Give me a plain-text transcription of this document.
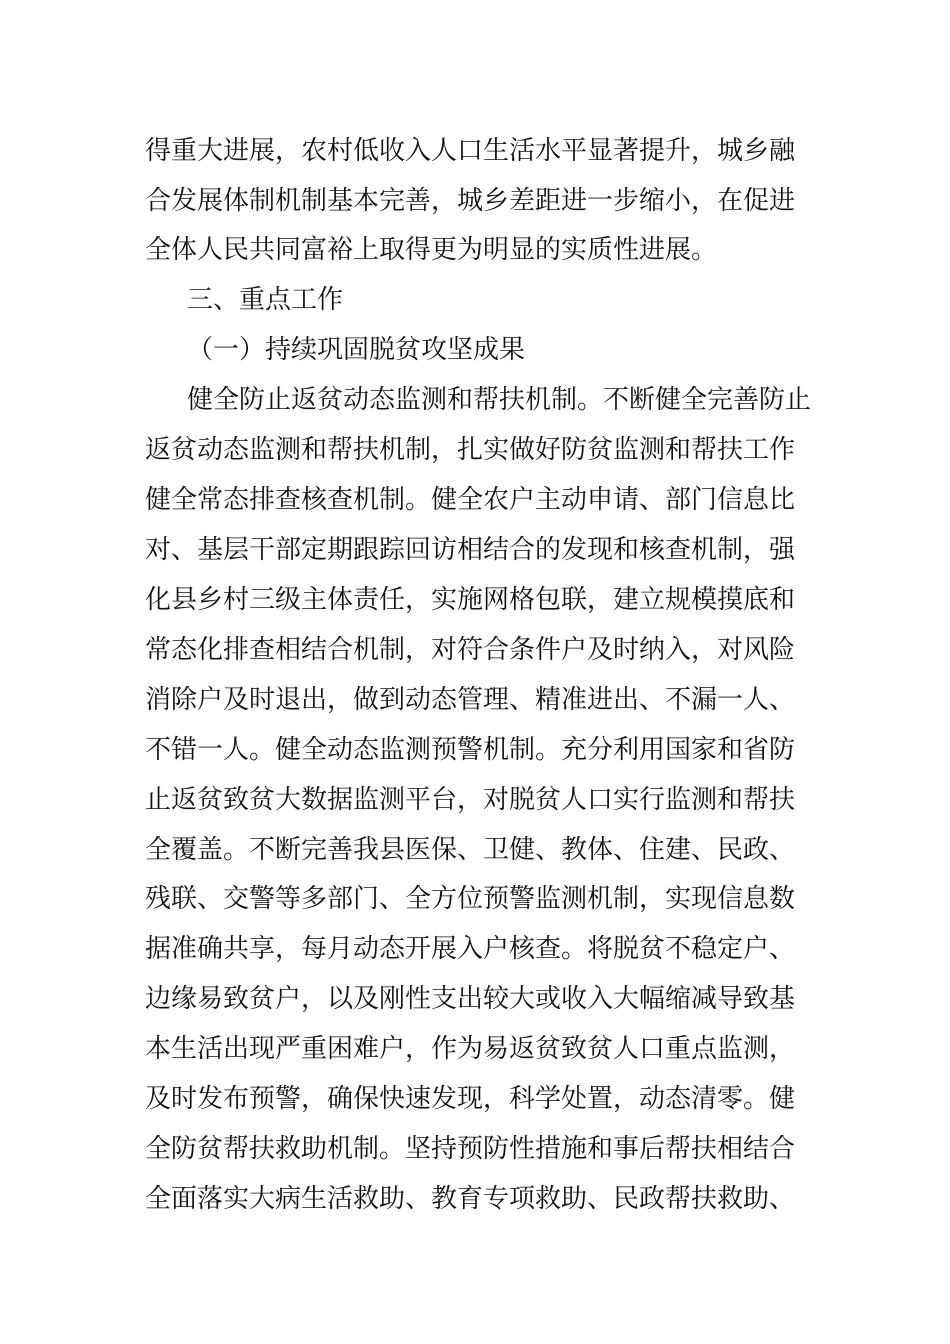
得重大进展，农村低收入人口生活水平显著提升，城乡融
合发展体制机制基本完善，城乡差距进一步缩小，在促进
全体人民共同富裕上取得更为明显的实质性进展。
三、重点工作
（一）持续巩固脱贫攻坚成果
健全防止返贫动态监测和帮扶机制。不断健全完善防止
返贫动态监测和帮扶机制，扎实做好防贫监测和帮扶工作
健全常态排查核查机制。健全农户主动申请、部门信息比
对、基层干部定期跟踪回访相结合的发现和核查机制，强
化县乡村三级主体责任，实施网格包联，建立规模摸底和
常态化排查相结合机制，对符合条件户及时纳入，对风险
消除户及时退出，做到动态管理、精准进出、不漏一人、
不错一人。健全动态监测预警机制。充分利用国家和省防
止返贫致贫大数据监测平台，对脱贫人口实行监测和帮扶
全覆盖。不断完善我县医保、卫健、教体、住建、民政、
残联、交警等多部门、全方位预警监测机制，实现信息数
据准确共享，每月动态开展入户核查。将脱贫不稳定户、
边缘易致贫户，以及刚性支出较大或收入大幅缩减导致基
本生活出现严重困难户，作为易返贫致贫人口重点监测，
及时发布预警，确保快速发现，科学处置，动态清零。健
全防贫帮扶救助机制。坚持预防性措施和事后帮扶相结合
全面落实大病生活救助、教育专项救助、民政帮扶救助、
